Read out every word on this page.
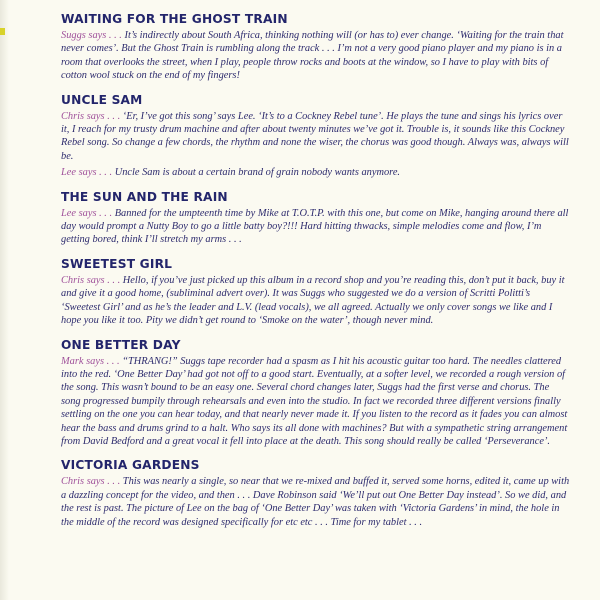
WAITING FOR THE GHOST TRAIN

Suggs says . . . It’s indirectly about South Africa, thinking nothing will (or has to) ever change. ‘Waiting for the train that never comes’. But the Ghost Train is rumbling along the track . . . I’m not a very good piano player and my piano is in a room that overlooks the street, when I play, people throw rocks and boots at the window, so I have to play with bits of cotton wool stuck on the end of my fingers!

UNCLE SAM

Chris says . . . ‘Er, I’ve got this song’ says Lee. ‘It’s to a Cockney Rebel tune’. He plays the tune and sings his lyrics over it, I reach for my trusty drum machine and after about twenty minutes we’ve got it. Trouble is, it sounds like this Cockney Rebel song. So change a few chords, the rhythm and none the wiser, the chorus was good though. Always was, always will be.

Lee says . . . Uncle Sam is about a certain brand of grain nobody wants anymore.

THE SUN AND THE RAIN

Lee says . . . Banned for the umpteenth time by Mike at T.O.T.P. with this one, but come on Mike, hanging around there all day would prompt a Nutty Boy to go a little batty boy?!!! Hard hitting thwacks, simple melodies come and flow, I’m getting bored, think I’ll stretch my arms . . .

SWEETEST GIRL

Chris says . . . Hello, if you’ve just picked up this album in a record shop and you’re reading this, don’t put it back, buy it and give it a good home, (subliminal advert over). It was Suggs who suggested we do a version of Scritti Politti’s ‘Sweetest Girl’ and as he’s the leader and L.V. (lead vocals), we all agreed. Actually we only cover songs we like and I hope you like it too. Pity we didn’t get round to ‘Smoke on the water’, though never mind.

ONE BETTER DAY

Mark says . . . “THRANG!” Suggs tape recorder had a spasm as I hit his acoustic guitar too hard. The needles clattered into the red. ‘One Better Day’ had got not off to a good start. Eventually, at a softer level, we recorded a rough version of the song. This wasn’t bound to be an easy one. Several chord changes later, Suggs had the first verse and chorus. The song progressed bumpily through rehearsals and even into the studio. In fact we recorded three different versions finally settling on the one you can hear today, and that nearly never made it. If you listen to the record as it fades you can almost hear the bass and drums grind to a halt. Who says its all done with machines? But with a sympathetic string arrangement from David Bedford and a great vocal it fell into place at the death. This song should really be called ‘Perseverance’.

VICTORIA GARDENS

Chris says . . . This was nearly a single, so near that we re-mixed and buffed it, served some horns, edited it, came up with a dazzling concept for the video, and then . . . Dave Robinson said ‘We’ll put out One Better Day instead’. So we did, and the rest is past. The picture of Lee on the bag of ‘One Better Day’ was taken with ‘Victoria Gardens’ in mind, the hole in the middle of the record was designed specifically for etc etc . . . Time for my tablet . . .
